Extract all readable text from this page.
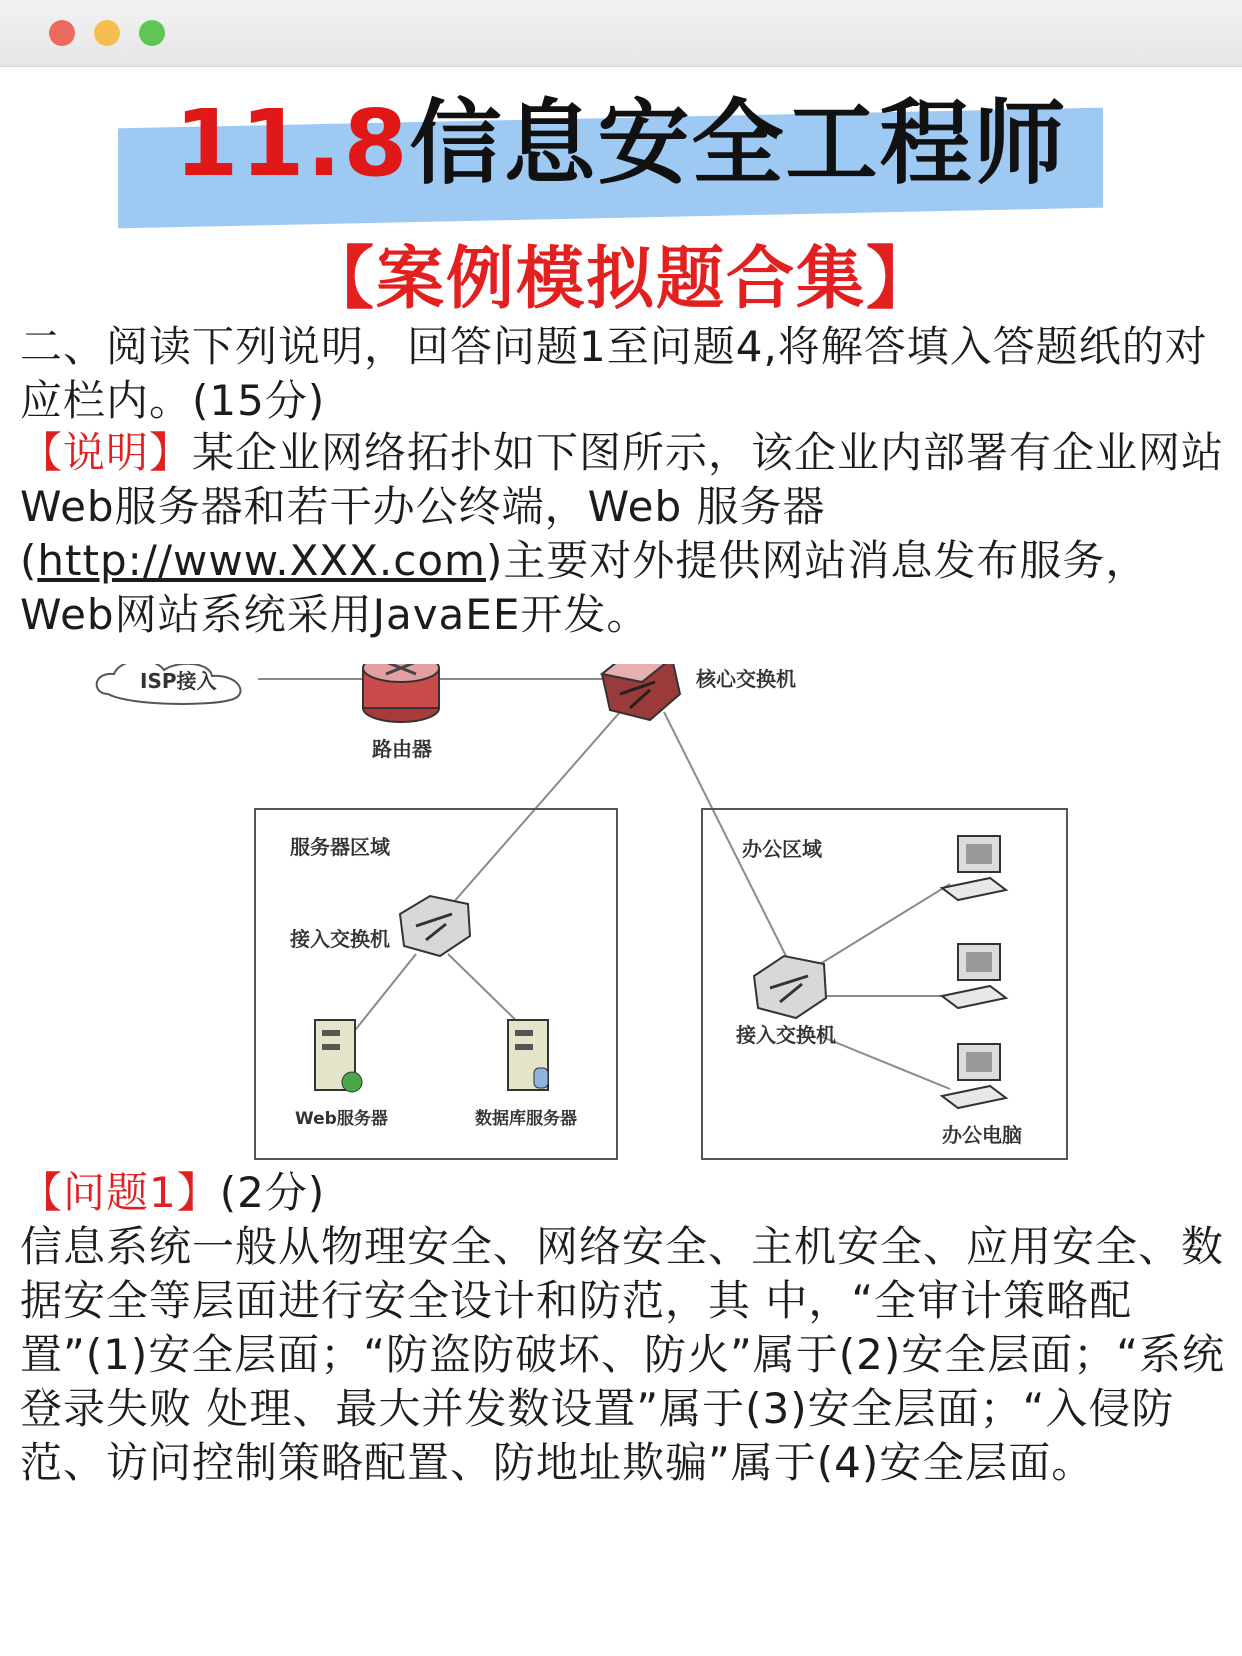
11.8信息安全工程师
【案例模拟题合集】
二、阅读下列说明，回答问题1至问题4,将解答填入答题纸的对应栏内。(15分)
【说明】某企业网络拓扑如下图所示，该企业内部署有企业网站Web服务器和若干办公终端，Web 服务器(http://www.XXX.com)主要对外提供网站消息发布服务，Web网站系统采用JavaEE开发。
ISP接入
路由器
核心交换机
服务器区域
接入交换机
Web服务器	数据库服务器
办公区域
接入交换机
办公电脑
【问题1】(2分)
信息系统一般从物理安全、网络安全、主机安全、应用安全、数据安全等层面进行安全设计和防范，其 中，“全审计策略配置”(1)安全层面；“防盗防破坏、防火”属于(2)安全层面；“系统登录失败 处理、最大并发数设置”属于(3)安全层面；“入侵防范、访问控制策略配置、防地址欺骗”属于(4)安全层面。
